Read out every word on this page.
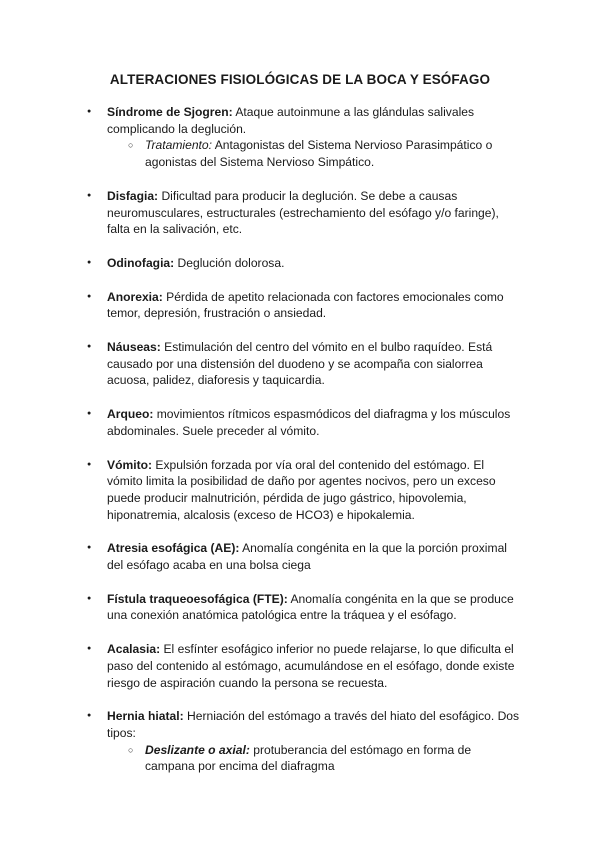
ALTERACIONES FISIOLÓGICAS DE LA BOCA Y ESÓFAGO
● Síndrome de Sjogren: Ataque autoinmune a las glándulas salivales complicando la deglución.
○ Tratamiento: Antagonistas del Sistema Nervioso Parasimpático o agonistas del Sistema Nervioso Simpático.
● Disfagia: Dificultad para producir la deglución. Se debe a causas neuromusculares, estructurales (estrechamiento del esófago y/o faringe), falta en la salivación, etc.
● Odinofagia: Deglución dolorosa.
● Anorexia: Pérdida de apetito relacionada con factores emocionales como temor, depresión, frustración o ansiedad.
● Náuseas: Estimulación del centro del vómito en el bulbo raquídeo. Está causado por una distensión del duodeno y se acompaña con sialorrea acuosa, palidez, diaforesis y taquicardia.
● Arqueo: movimientos rítmicos espasmódicos del diafragma y los músculos abdominales. Suele preceder al vómito.
● Vómito: Expulsión forzada por vía oral del contenido del estómago. El vómito limita la posibilidad de daño por agentes nocivos, pero un exceso puede producir malnutrición, pérdida de jugo gástrico, hipovolemia, hiponatremia, alcalosis (exceso de HCO3) e hipokalemia.
● Atresia esofágica (AE): Anomalía congénita en la que la porción proximal del esófago acaba en una bolsa ciega
● Fístula traqueoesofágica (FTE): Anomalía congénita en la que se produce una conexión anatómica patológica entre la tráquea y el esófago.
● Acalasia: El esfínter esofágico inferior no puede relajarse, lo que dificulta el paso del contenido al estómago, acumulándose en el esófago, donde existe riesgo de aspiración cuando la persona se recuesta.
● Hernia hiatal: Herniación del estómago a través del hiato del esofágico. Dos tipos:
○ Deslizante o axial: protuberancia del estómago en forma de campana por encima del diafragma
